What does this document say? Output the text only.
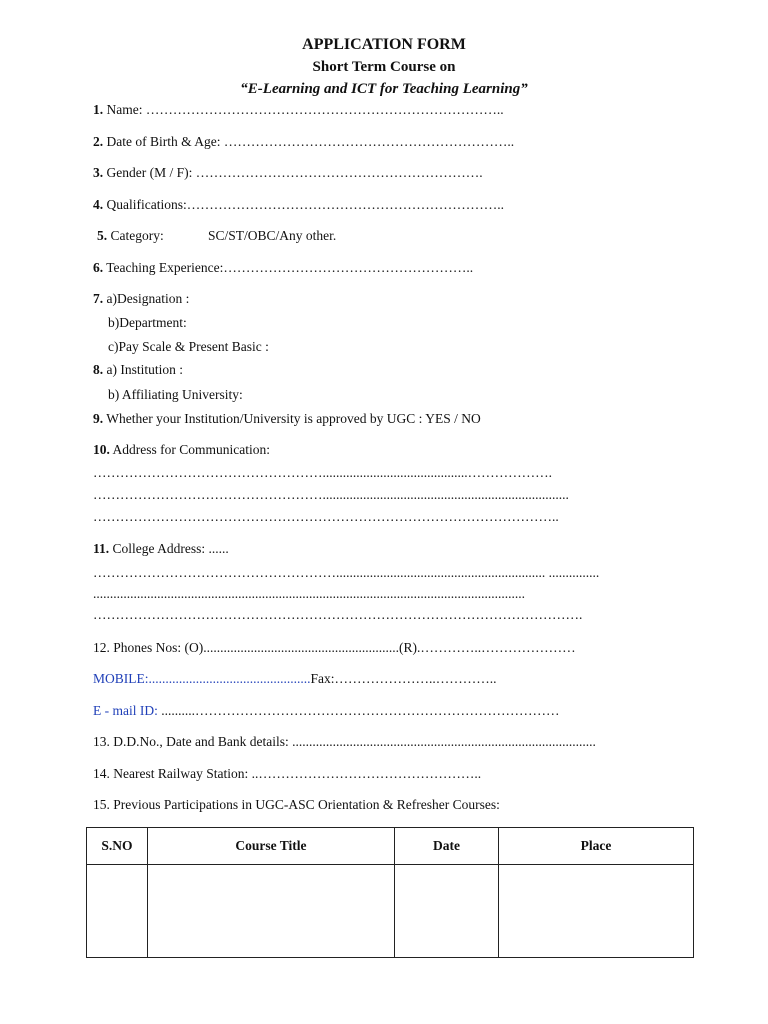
APPLICATION FORM
Short Term Course on
“E-Learning and ICT for Teaching Learning”
1. Name: ……………………………………………………………………..
2. Date of Birth & Age: ………………………………………………………..
3. Gender (M / F): ……………………………………………………….
4. Qualifications:……………………………………………………………..
5. Category:	SC/ST/OBC/Any other.
6. Teaching Experience:………………………………………………..
7. a)Designation :
b)Department:
c)Pay Scale & Present Basic :
8. a) Institution :
b) Affiliating University:
9. Whether your Institution/University is approved by UGC : YES / NO
10. Address for Communication:
……………………………………………...........................................……………….
…………………………………………….........................................................................
…………………………………………………………………………………………..
11. College Address: ......
……………………………………………….............................................................. ...............
................................................................................................................................
……………………………………………………………………………………………….
12. Phones Nos: (O)..........................................................(R).…………..…………………
MOBILE:................................................Fax:…………………..…………..
E - mail ID: ..........………………………………………………………………………
13. D.D.No., Date and Bank details: ..........................................................................................
14. Nearest Railway Station: ..…………………………………………..
15. Previous Participations in UGC-ASC Orientation & Refresher Courses:
S.NO	Course Title	Date	Place
